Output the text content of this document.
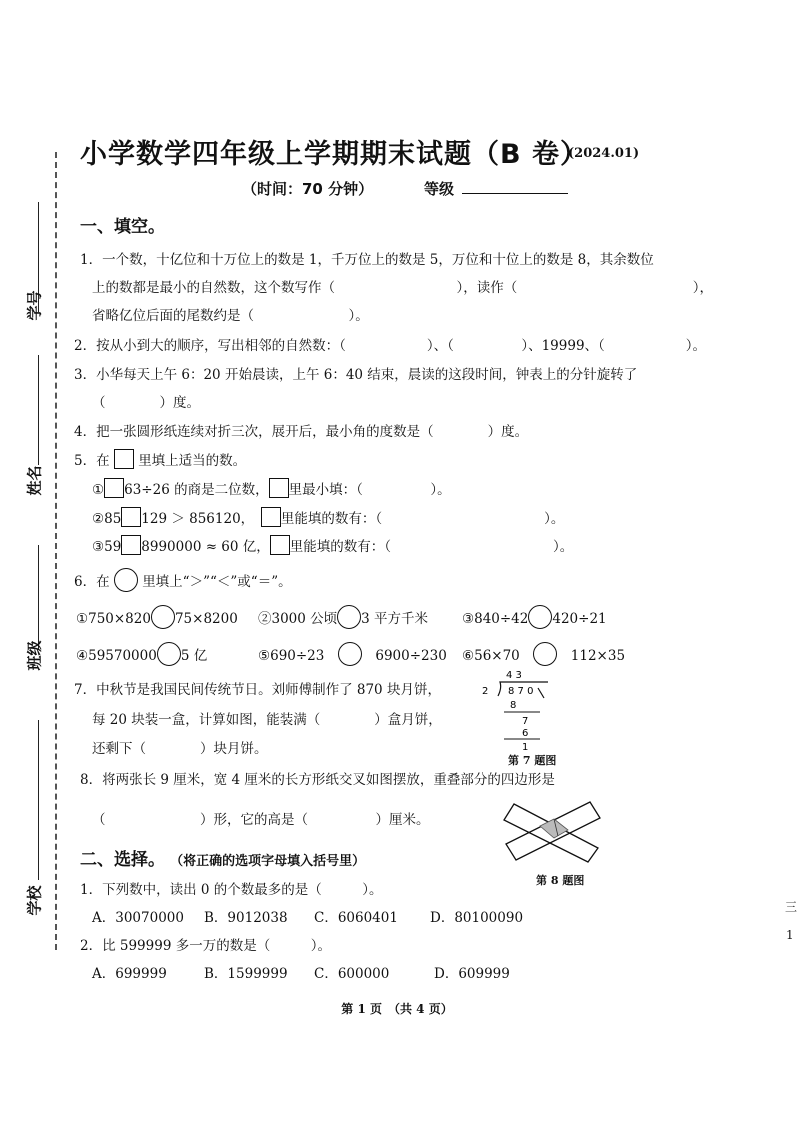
学号
姓名
班级
学校
小学数学四年级上学期期末试题（B 卷）
(2024.01)
（时间：70 分钟）	等级
一、填空。
1．一个数，十亿位和十万位上的数是 1，千万位上的数是 5，万位和十位上的数是 8，其余数位
上的数都是最小的自然数，这个数写作（　　　　　　　　　），读作（　　　　　　　　　　　　　），
省略亿位后面的尾数约是（　　　　　　　）。
2．按从小到大的顺序，写出相邻的自然数：（　　　　　　）、（　　　　　）、19999、（　　　　　　）。
3．小华每天上午 6：20 开始晨读，上午 6：40 结束，晨读的这段时间，钟表上的分针旋转了
（　　　　）度。
4．把一张圆形纸连续对折三次，展开后，最小角的度数是（　　　　）度。
5．在 里填上适当的数。
① 63÷26 的商是二位数， 里最小填：（　　　　　）。
②85 129 ＞ 856120，　 里能填的数有：（　　　　　　　　　　　　）。
③59 8990000 ≈ 60 亿， 里能填的数有：（　　　　　　　　　　　　）。
6．在 里填上“＞”“＜”或“＝”。
①750×820 75×8200 ②3000 公顷 3 平方千米	③840÷42 420÷21
④59570000 5 亿	⑤690÷23　　	6900÷230 ⑥56×70　　	112×35
7．中秋节是我国民间传统节日。刘师傅制作了 870 块月饼，
每 20 块装一盒，计算如图，能装满（　　　　）盒月饼，
还剩下（　　　　）块月饼。
4 3
2 8 7 0
8
7
6
1
第 7 题图
8．将两张长 9 厘米，宽 4 厘米的长方形纸交叉如图摆放，重叠部分的四边形是
（　　　　　　　）形，它的高是（　　　　　）厘米。
第 8 题图
二、选择。 （将正确的选项字母填入括号里）
1．下列数中，读出 0 的个数最多的是（　　　）。
A．30070000 B．9012038 C．6060401 D．80100090
2．比 599999 多一万的数是（　　　）。
A．699999	B．1599999 C．600000	D．609999
第 1 页　（共 4 页）
三
1
